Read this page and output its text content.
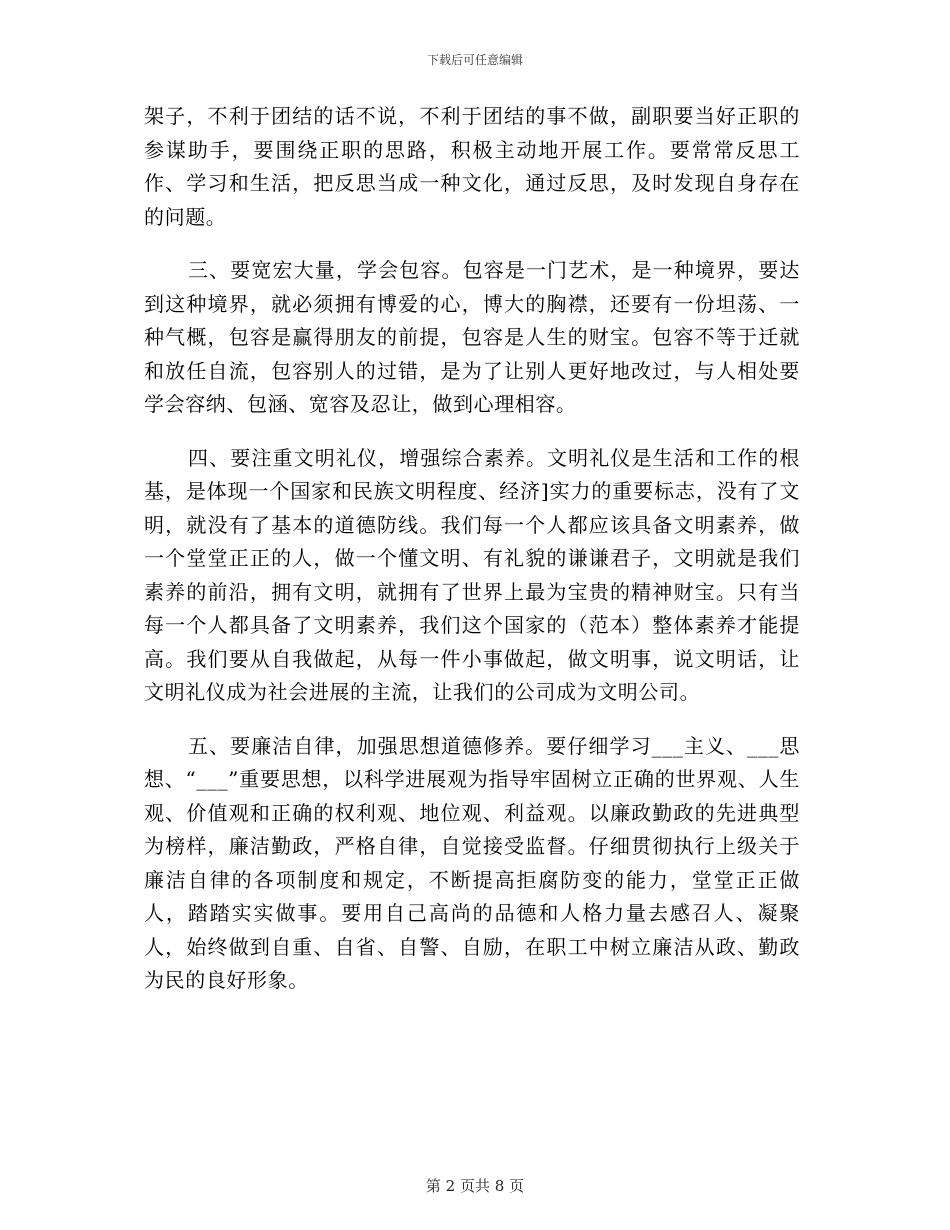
下载后可任意编辑

架子，不利于团结的话不说，不利于团结的事不做，副职要当好正职的参谋助手，要围绕正职的思路，积极主动地开展工作。要常常反思工作、学习和生活，把反思当成一种文化，通过反思，及时发现自身存在的问题。

三、要宽宏大量，学会包容。包容是一门艺术，是一种境界，要达到这种境界，就必须拥有博爱的心，博大的胸襟，还要有一份坦荡、一种气概，包容是赢得朋友的前提，包容是人生的财宝。包容不等于迁就和放任自流，包容别人的过错，是为了让别人更好地改过，与人相处要学会容纳、包涵、宽容及忍让，做到心理相容。

四、要注重文明礼仪，增强综合素养。文明礼仪是生活和工作的根基，是体现一个国家和民族文明程度、经济]实力的重要标志，没有了文明，就没有了基本的道德防线。我们每一个人都应该具备文明素养，做一个堂堂正正的人，做一个懂文明、有礼貌的谦谦君子，文明就是我们素养的前沿，拥有文明，就拥有了世界上最为宝贵的精神财宝。只有当每一个人都具备了文明素养，我们这个国家的（范本）整体素养才能提高。我们要从自我做起，从每一件小事做起，做文明事，说文明话，让文明礼仪成为社会进展的主流，让我们的公司成为文明公司。

五、要廉洁自律，加强思想道德修养。要仔细学习___主义、___思想、“___”重要思想，以科学进展观为指导牢固树立正确的世界观、人生观、价值观和正确的权利观、地位观、利益观。以廉政勤政的先进典型为榜样，廉洁勤政，严格自律，自觉接受监督。仔细贯彻执行上级关于廉洁自律的各项制度和规定，不断提高拒腐防变的能力，堂堂正正做人，踏踏实实做事。要用自己高尚的品德和人格力量去感召人、凝聚人，始终做到自重、自省、自警、自励，在职工中树立廉洁从政、勤政为民的良好形象。

第 2 页共 8 页
